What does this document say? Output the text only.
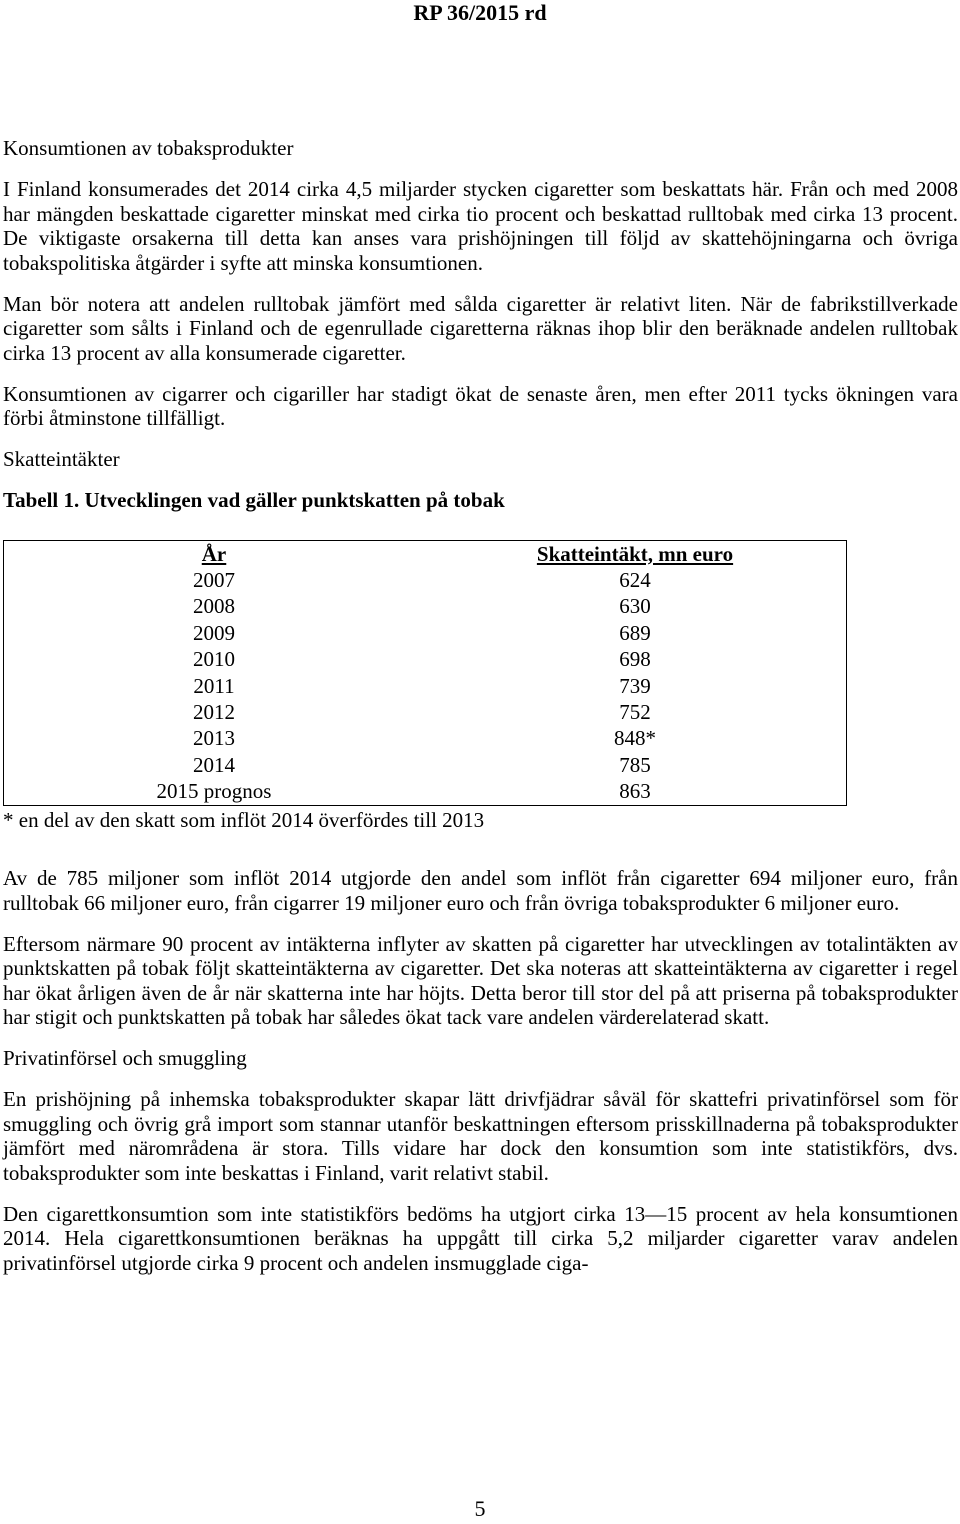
RP 36/2015 rd
Konsumtionen av tobaksprodukter

I Finland konsumerades det 2014 cirka 4,5 miljarder stycken cigaretter som beskattats här. Från och med 2008 har mängden beskattade cigaretter minskat med cirka tio procent och beskattad rulltobak med cirka 13 procent. De viktigaste orsakerna till detta kan anses vara prishöjningen till följd av skattehöjningarna och övriga tobakspolitiska åtgärder i syfte att minska konsumtionen.

Man bör notera att andelen rulltobak jämfört med sålda cigaretter är relativt liten. När de fabrikstillverkade cigaretter som sålts i Finland och de egenrullade cigaretterna räknas ihop blir den beräknade andelen rulltobak cirka 13 procent av alla konsumerade cigaretter.

Konsumtionen av cigarrer och cigariller har stadigt ökat de senaste åren, men efter 2011 tycks ökningen vara förbi åtminstone tillfälligt.

Skatteintäkter
Tabell 1. Utvecklingen vad gäller punktskatten på tobak
År	Skatteintäkt, mn euro
2007	624
2008	630
2009	689
2010	698
2011	739
2012	752
2013	848*
2014	785
2015 prognos	863
* en del av den skatt som inflöt 2014 överfördes till 2013

Av de 785 miljoner som inflöt 2014 utgjorde den andel som inflöt från cigaretter 694 miljoner euro, från rulltobak 66 miljoner euro, från cigarrer 19 miljoner euro och från övriga tobaksprodukter 6 miljoner euro.

Eftersom närmare 90 procent av intäkterna inflyter av skatten på cigaretter har utvecklingen av totalintäkten av punktskatten på tobak följt skatteintäkterna av cigaretter. Det ska noteras att skatteintäkterna av cigaretter i regel har ökat årligen även de år när skatterna inte har höjts. Detta beror till stor del på att priserna på tobaksprodukter har stigit och punktskatten på tobak har således ökat tack vare andelen värderelaterad skatt.

Privatinförsel och smuggling

En prishöjning på inhemska tobaksprodukter skapar lätt drivfjädrar såväl för skattefri privatinförsel som för smuggling och övrig grå import som stannar utanför beskattningen eftersom prisskillnaderna på tobaksprodukter jämfört med närområdena är stora. Tills vidare har dock den konsumtion som inte statistikförs, dvs. tobaksprodukter som inte beskattas i Finland, varit relativt stabil.

Den cigarettkonsumtion som inte statistikförs bedöms ha utgjort cirka 13—15 procent av hela konsumtionen 2014. Hela cigarettkonsumtionen beräknas ha uppgått till cirka 5,2 miljarder cigaretter varav andelen privatinförsel utgjorde cirka 9 procent och andelen insmugglade ciga-

5
